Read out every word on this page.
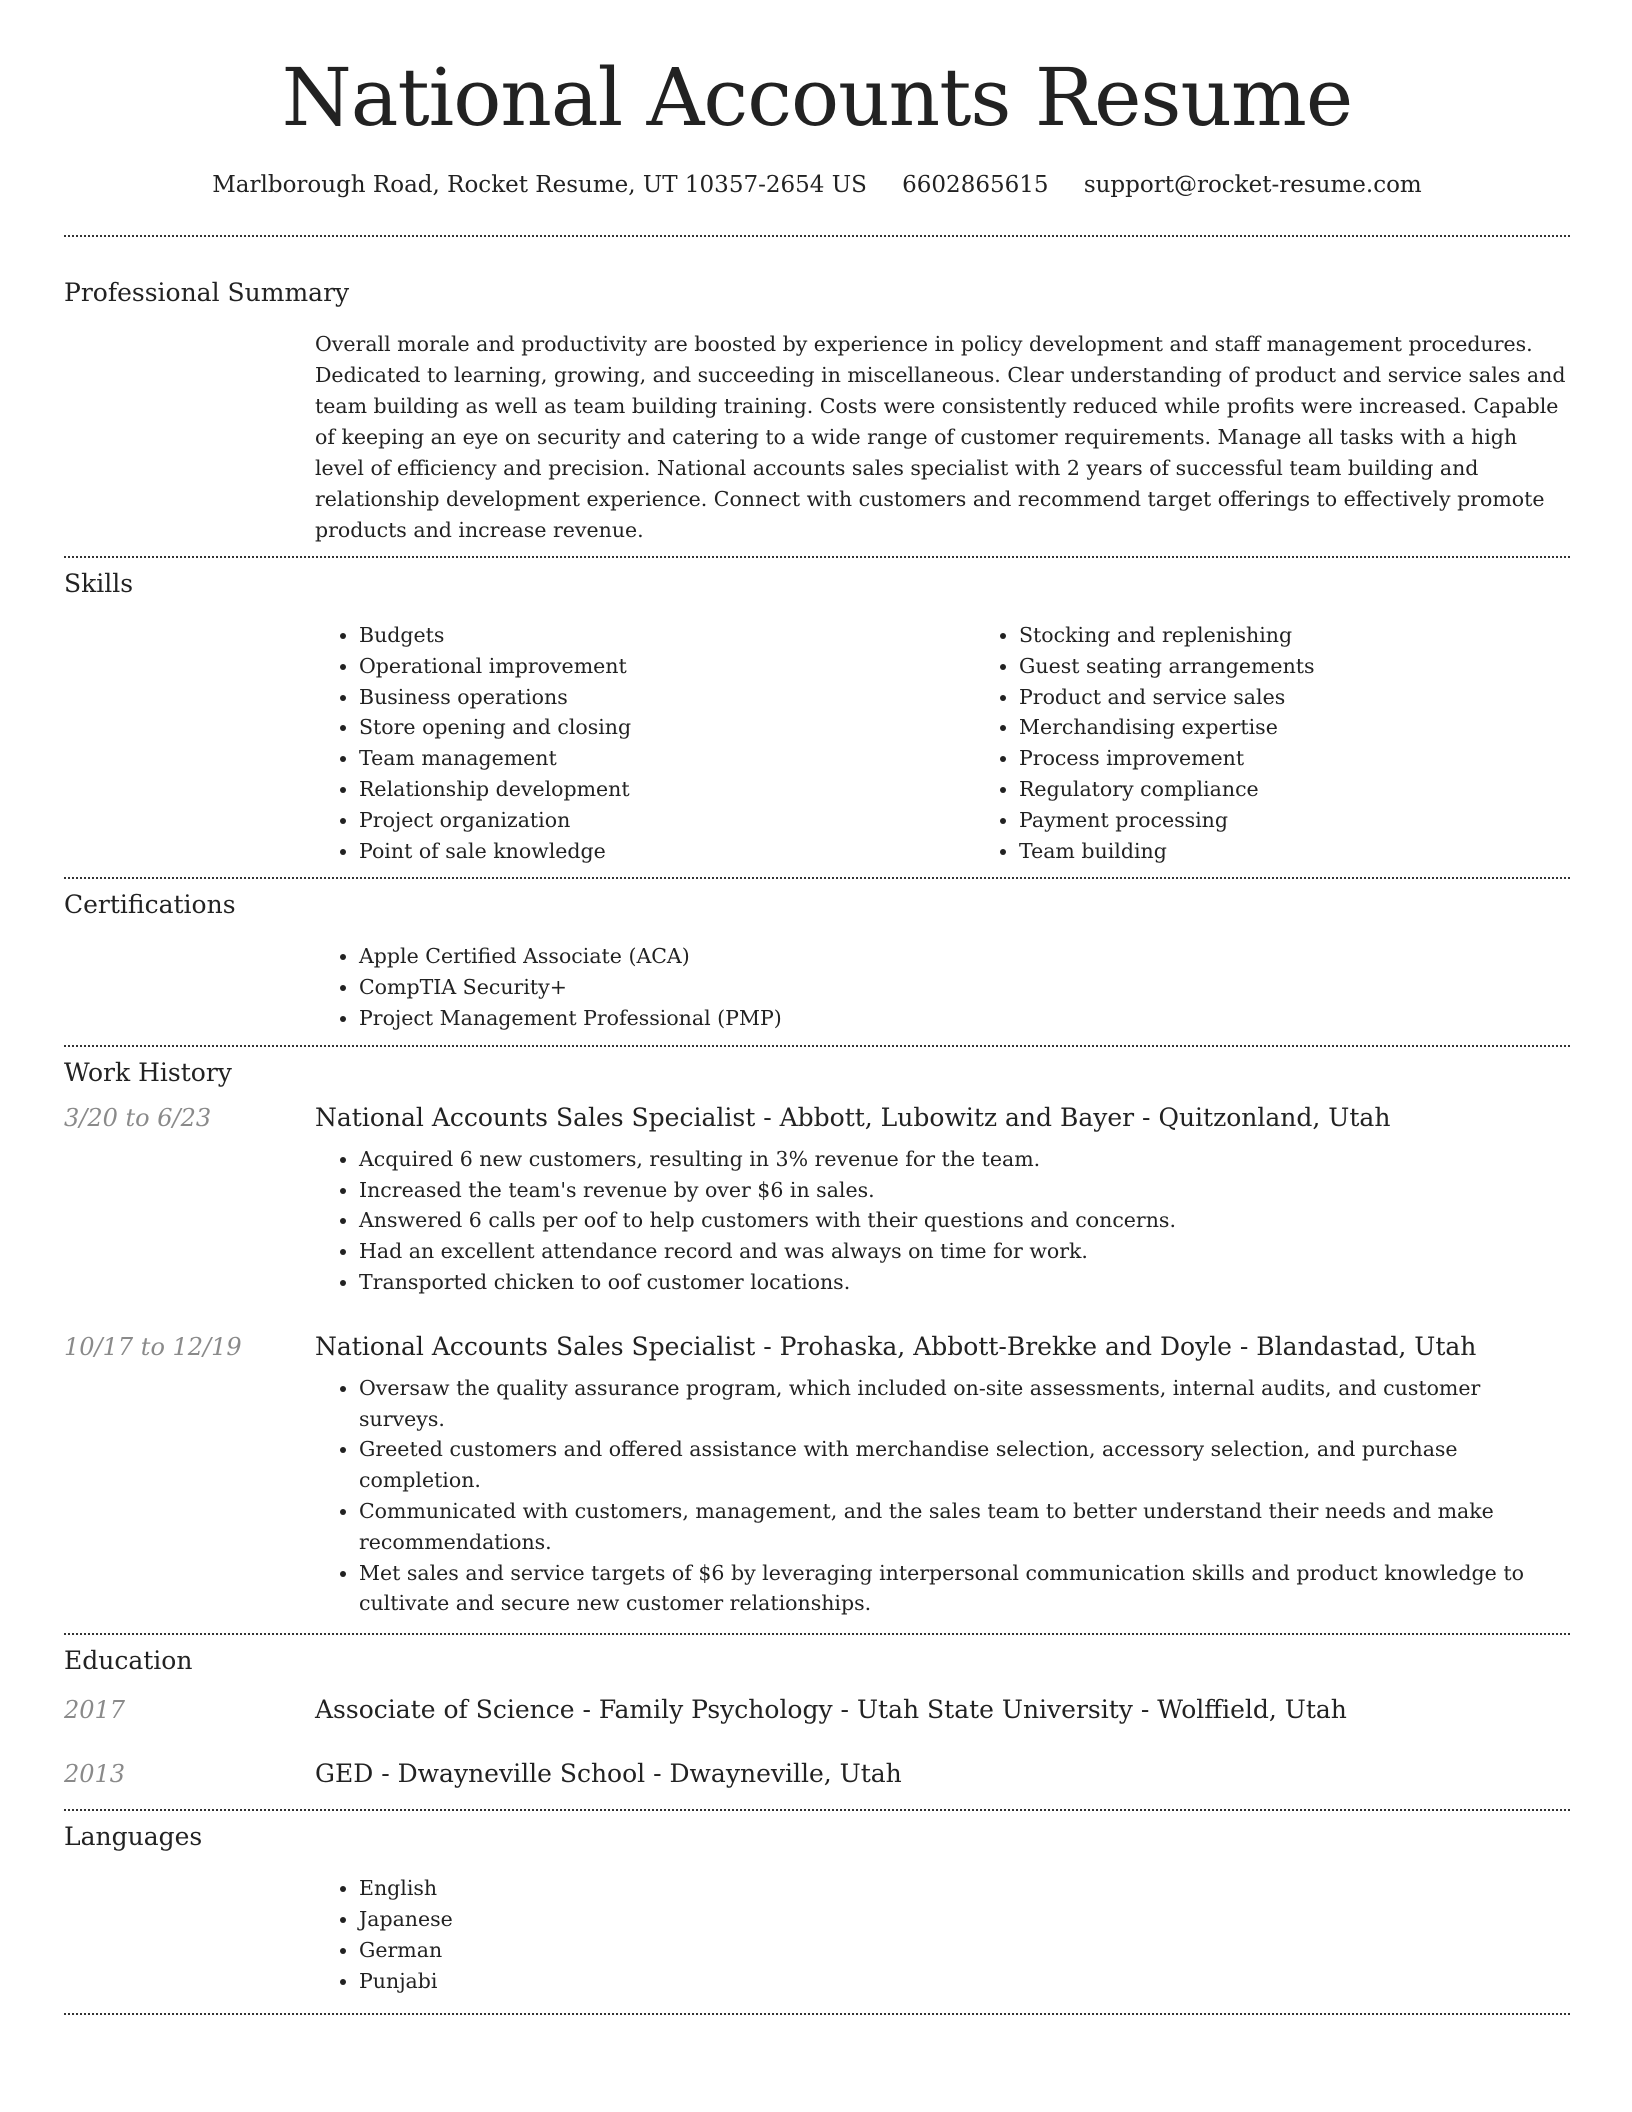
National Accounts Resume
Marlborough Road, Rocket Resume, UT 10357-2654 US 6602865615 support@rocket-resume.com
Professional Summary

Overall morale and productivity are boosted by experience in policy development and staff management procedures. Dedicated to learning, growing, and succeeding in miscellaneous. Clear understanding of product and service sales and team building as well as team building training. Costs were consistently reduced while profits were increased. Capable of keeping an eye on security and catering to a wide range of customer requirements. Manage all tasks with a high level of efficiency and precision. National accounts sales specialist with 2 years of successful team building and relationship development experience. Connect with customers and recommend target offerings to effectively promote products and increase revenue.

Skills
• Budgets
• Operational improvement
• Business operations
• Store opening and closing
• Team management
• Relationship development
• Project organization
• Point of sale knowledge
• Stocking and replenishing
• Guest seating arrangements
• Product and service sales
• Merchandising expertise
• Process improvement
• Regulatory compliance
• Payment processing
• Team building
Certifications
• Apple Certified Associate (ACA)
• CompTIA Security+
• Project Management Professional (PMP)
Work History
3/20 to 6/23	National Accounts Sales Specialist - Abbott, Lubowitz and Bayer - Quitzonland, Utah
• Acquired 6 new customers, resulting in 3% revenue for the team.
• Increased the team's revenue by over $6 in sales.
• Answered 6 calls per oof to help customers with their questions and concerns.
• Had an excellent attendance record and was always on time for work.
• Transported chicken to oof customer locations.
10/17 to 12/19	National Accounts Sales Specialist - Prohaska, Abbott-Brekke and Doyle - Blandastad, Utah
• Oversaw the quality assurance program, which included on-site assessments, internal audits, and customer surveys.
• Greeted customers and offered assistance with merchandise selection, accessory selection, and purchase completion.
• Communicated with customers, management, and the sales team to better understand their needs and make recommendations.
• Met sales and service targets of $6 by leveraging interpersonal communication skills and product knowledge to cultivate and secure new customer relationships.
Education
2017	Associate of Science - Family Psychology - Utah State University - Wolffield, Utah
2013	GED - Dwayneville School - Dwayneville, Utah
Languages
• English
• Japanese
• German
• Punjabi
